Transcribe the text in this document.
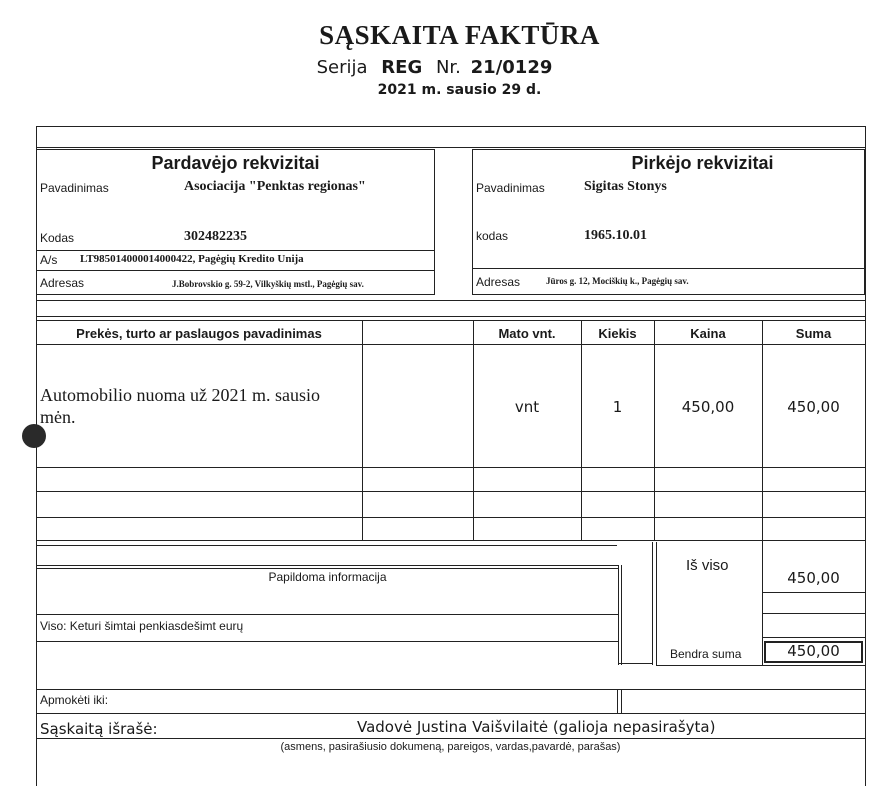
SĄSKAITA FAKTŪRA
Serija REG Nr. 21/0129
2021 m. sausio 29 d.
Pardavėjo rekvizitai
Pavadinimas	Asociacija "Penktas regionas"
Kodas	302482235
A/s LT985014000014000422, Pagėgių Kredito Unija
Adresas	J.Bobrovskio g. 59-2, Vilkyškių mstl., Pagėgių sav.
Pirkėjo rekvizitai
Pavadinimas	Sigitas Stonys
kodas	1965.10.01
Adresas	Jūros g. 12, Mociškių k., Pagėgių sav.
Prekės, turto ar paslaugos pavadinimas	Mato vnt.	Kiekis	Kaina	Suma
Automobilio nuoma už 2021 m. sausio
mėn.	vnt	1	450,00	450,00
Papildoma informacija
Viso: Keturi šimtai penkiasdešimt eurų
Iš viso
450,00
Bendra suma	450,00
Apmokėti iki:
Sąskaitą išrašė:	Vadovė Justina Vaišvilaitė (galioja nepasirašyta)
(asmens, pasirašiusio dokumeną, pareigos, vardas,pavardė, parašas)
